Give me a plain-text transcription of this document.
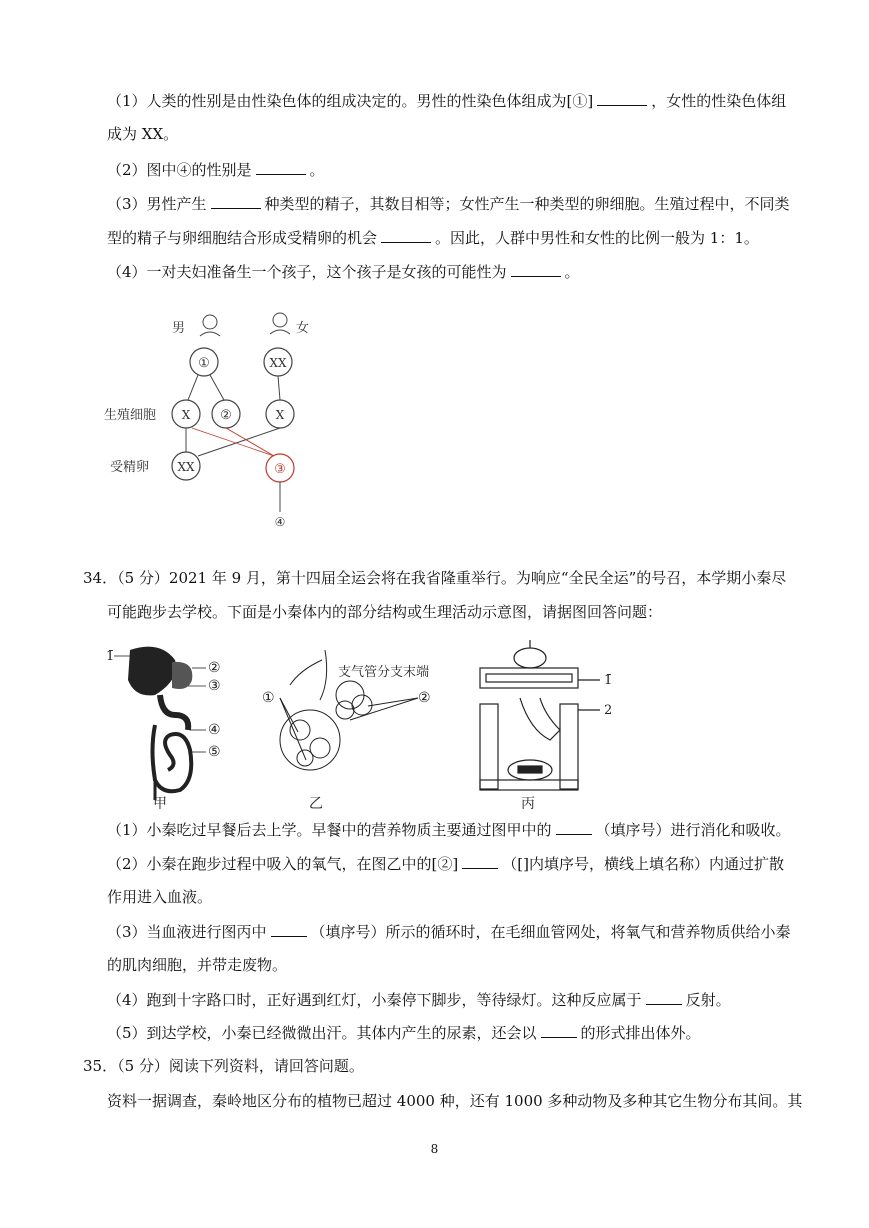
（1）人类的性别是由性染色体的组成决定的。男性的性染色体组成为[①]	，女性的性染色体组
成为 XX。
（2）图中④的性别是	。
（3）男性产生	种类型的精子，其数目相等；女性产生一种类型的卵细胞。生殖过程中，不同类
型的精子与卵细胞结合形成受精卵的机会	。因此，人群中男性和女性的比例一般为 1：1。
（4）一对夫妇准备生一个孩子，这个孩子是女孩的可能性为	。
男	女
生殖细胞
受精卵
①	XX
X ②	X
XX	③
④
34．（5 分）2021 年 9 月，第十四届全运会将在我省隆重举行。为响应“全民全运”的号召，本学期小秦尽
可能跑步去学校。下面是小秦体内的部分结构或生理活动示意图，请据图回答问题：
1̄
②
③
④
⑤
甲
支气管分支末端
①	②
乙
1̄
2
丙
（1）小秦吃过早餐后去上学。早餐中的营养物质主要通过图甲中的	（填序号）进行消化和吸收。
（2）小秦在跑步过程中吸入的氧气，在图乙中的[②]	（[]内填序号，横线上填名称）内通过扩散
作用进入血液。
（3）当血液进行图丙中	（填序号）所示的循环时，在毛细血管网处，将氧气和营养物质供给小秦
的肌肉细胞，并带走废物。
（4）跑到十字路口时，正好遇到红灯，小秦停下脚步，等待绿灯。这种反应属于	反射。
（5）到达学校，小秦已经微微出汗。其体内产生的尿素，还会以	的形式排出体外。
35．（5 分）阅读下列资料，请回答问题。
资料一据调查，秦岭地区分布的植物已超过 4000 种，还有 1000 多种动物及多种其它生物分布其间。其
8
